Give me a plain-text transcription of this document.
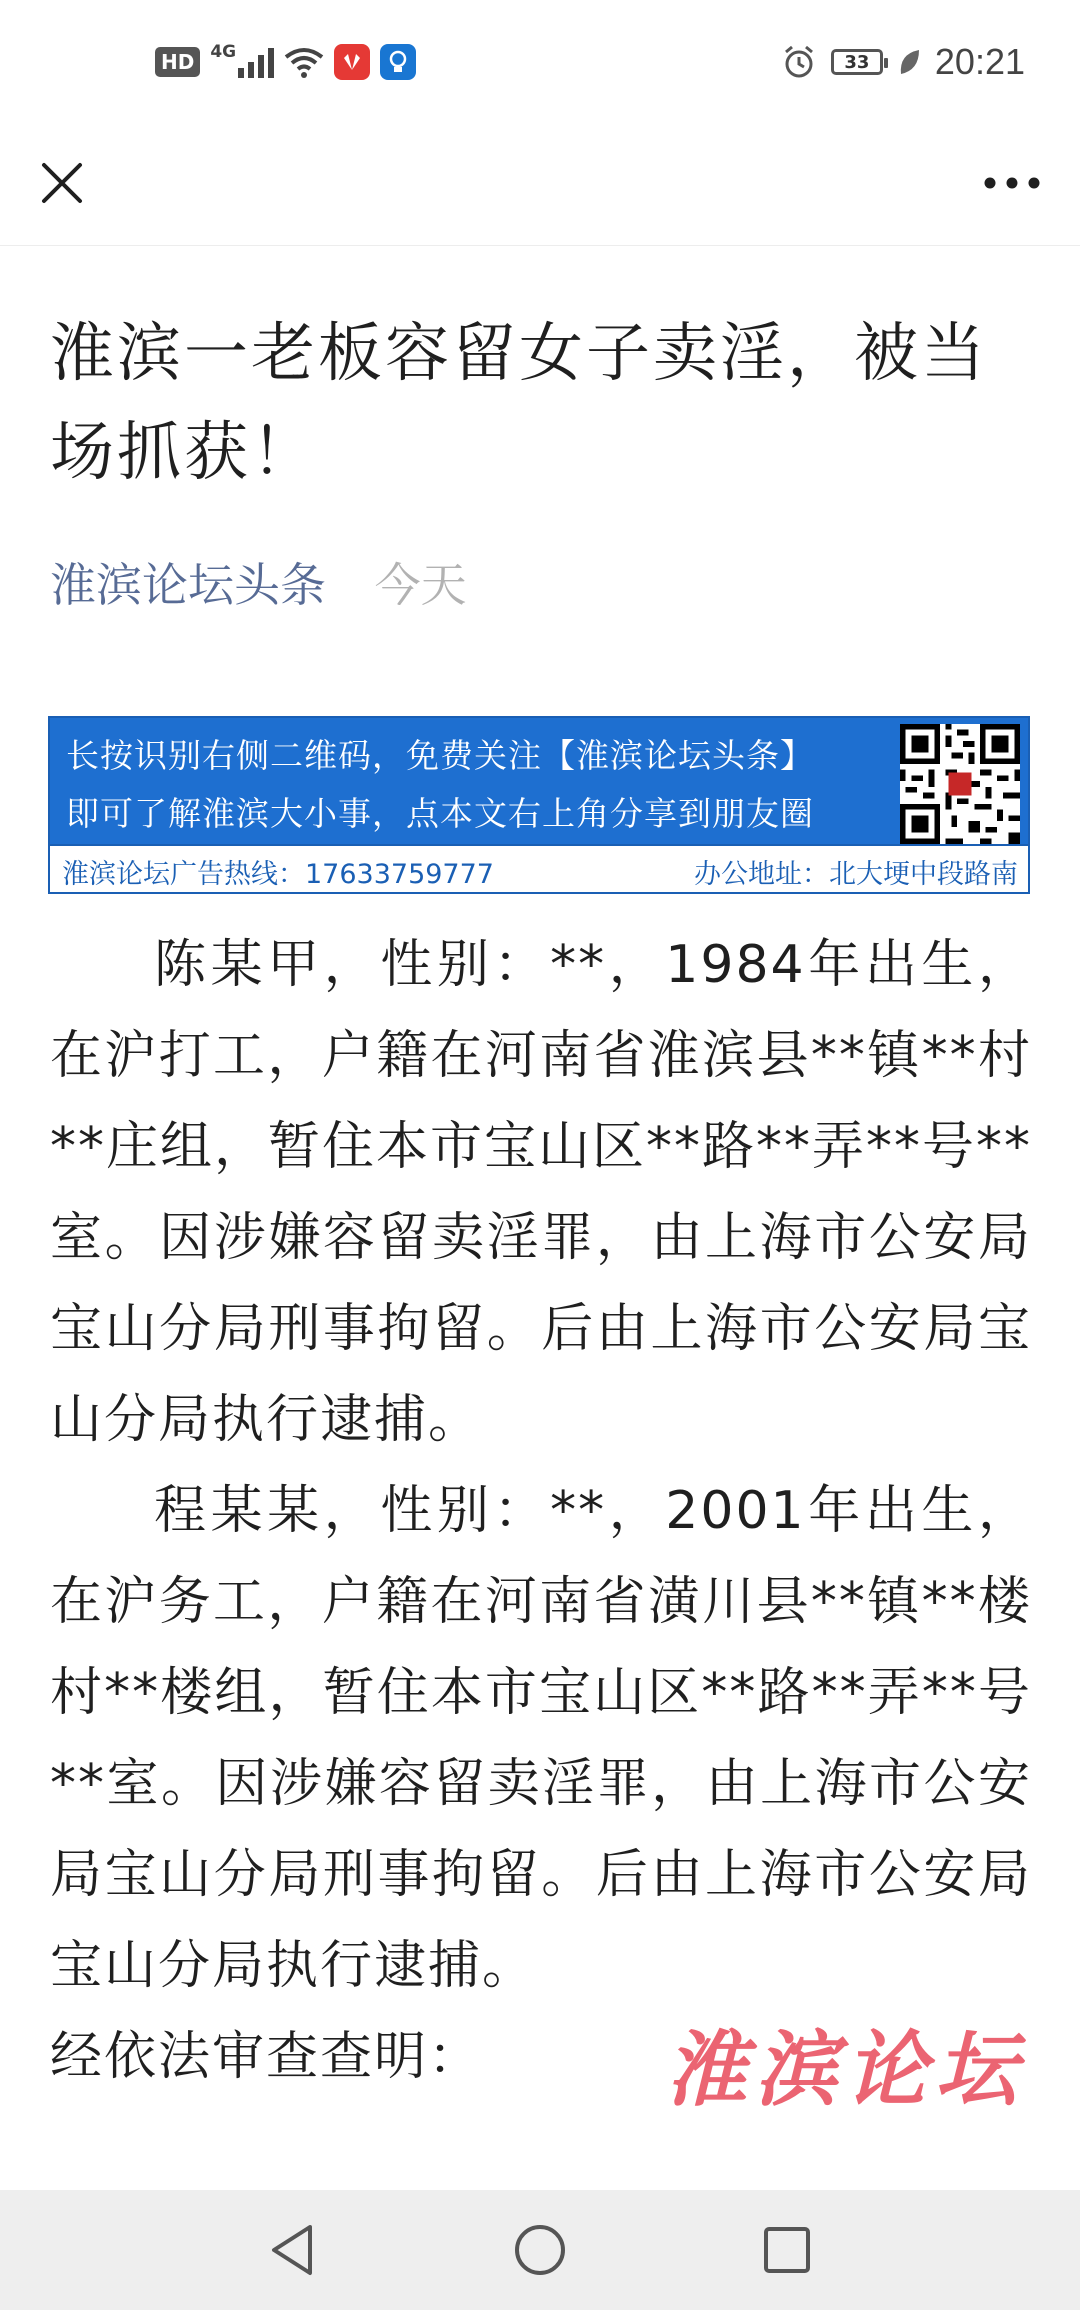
HD 4G	33	20:21
淮滨一老板容留女子卖淫，被当场抓获！
淮滨论坛头条 今天
长按识别右侧二维码，免费关注【淮滨论坛头条】
即可了解淮滨大小事，点本文右上角分享到朋友圈
淮滨论坛广告热线：17633759777	办公地址：北大埂中段路南

陈某甲，性别：**，1984年出生，在沪打工，户籍在河南省淮滨县**镇**村**庄组，暂住本市宝山区**路**弄**号**室。因涉嫌容留卖淫罪，由上海市公安局宝山分局刑事拘留。后由上海市公安局宝山分局执行逮捕。

程某某，性别：**，2001年出生，在沪务工，户籍在河南省潢川县**镇**楼村**楼组，暂住本市宝山区**路**弄**号**室。因涉嫌容留卖淫罪，由上海市公安局宝山分局刑事拘留。后由上海市公安局宝山分局执行逮捕。

经依法审查查明：	淮滨论坛
